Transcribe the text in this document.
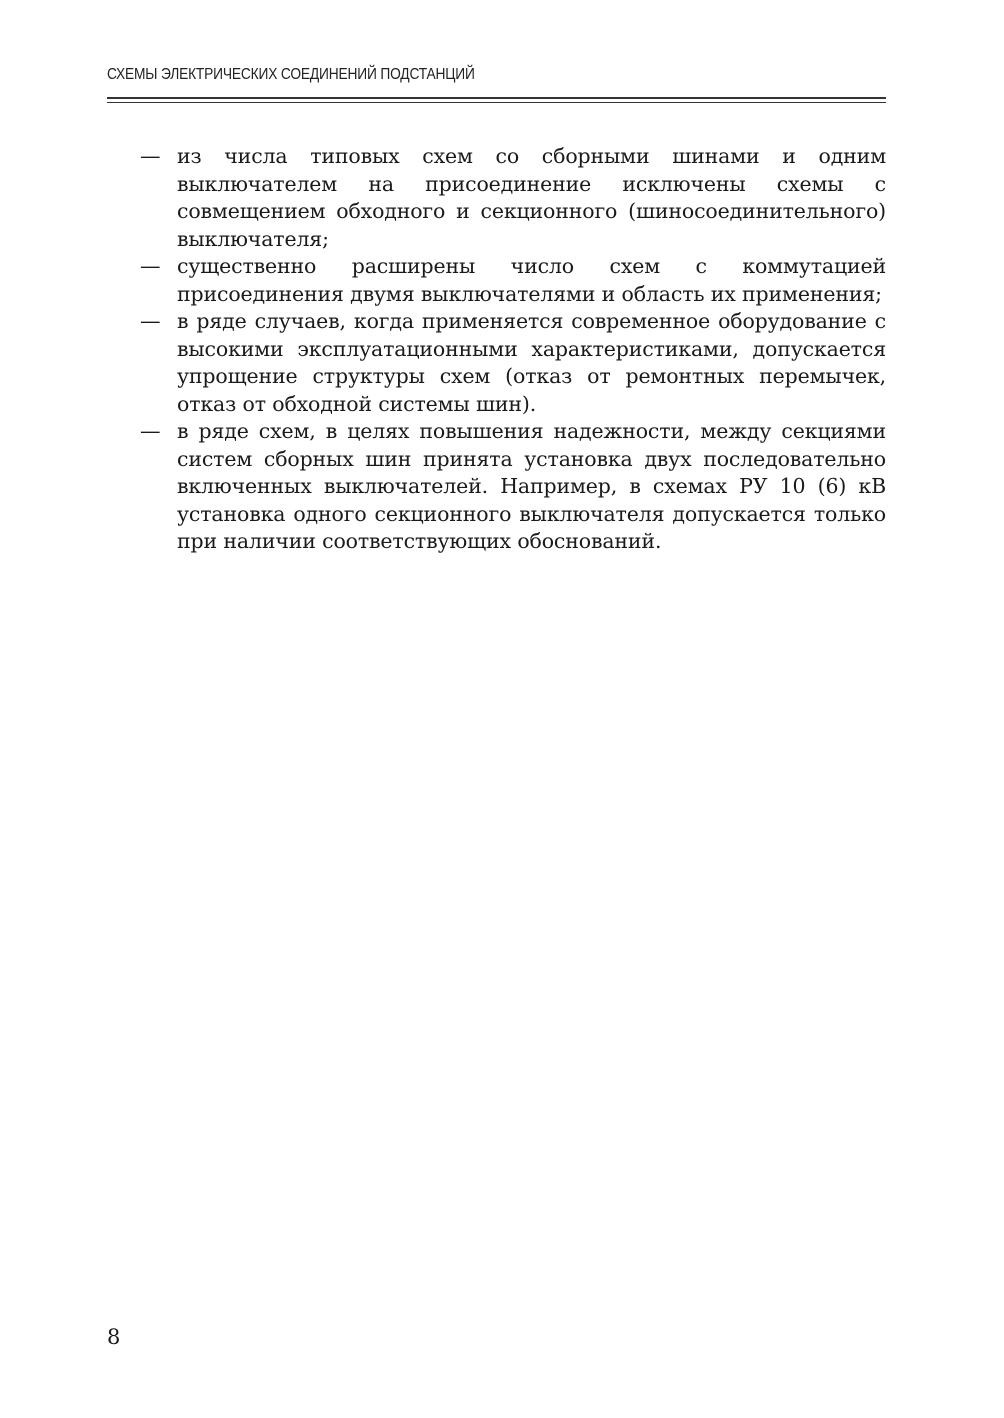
СХЕМЫ ЭЛЕКТРИЧЕСКИХ СОЕДИНЕНИЙ ПОДСТАНЦИЙ
— из числа типовых схем со сборными шинами и одним выключателем на присоединение исключены схемы с совмещением обходного и секционного (шиносоединительного) выключателя;
— существенно расширены число схем с коммутацией присоединения двумя выключателями и область их применения;
— в ряде случаев, когда применяется современное оборудование с высокими эксплуатационными характеристиками, допускается упрощение структуры схем (отказ от ремонтных перемычек, отказ от обходной системы шин).
— в ряде схем, в целях повышения надежности, между секциями систем сборных шин принята установка двух последовательно включенных выключателей. Например, в схемах РУ 10 (6) кВ установка одного секционного выключателя допускается только при наличии соответствующих обоснований.
8
